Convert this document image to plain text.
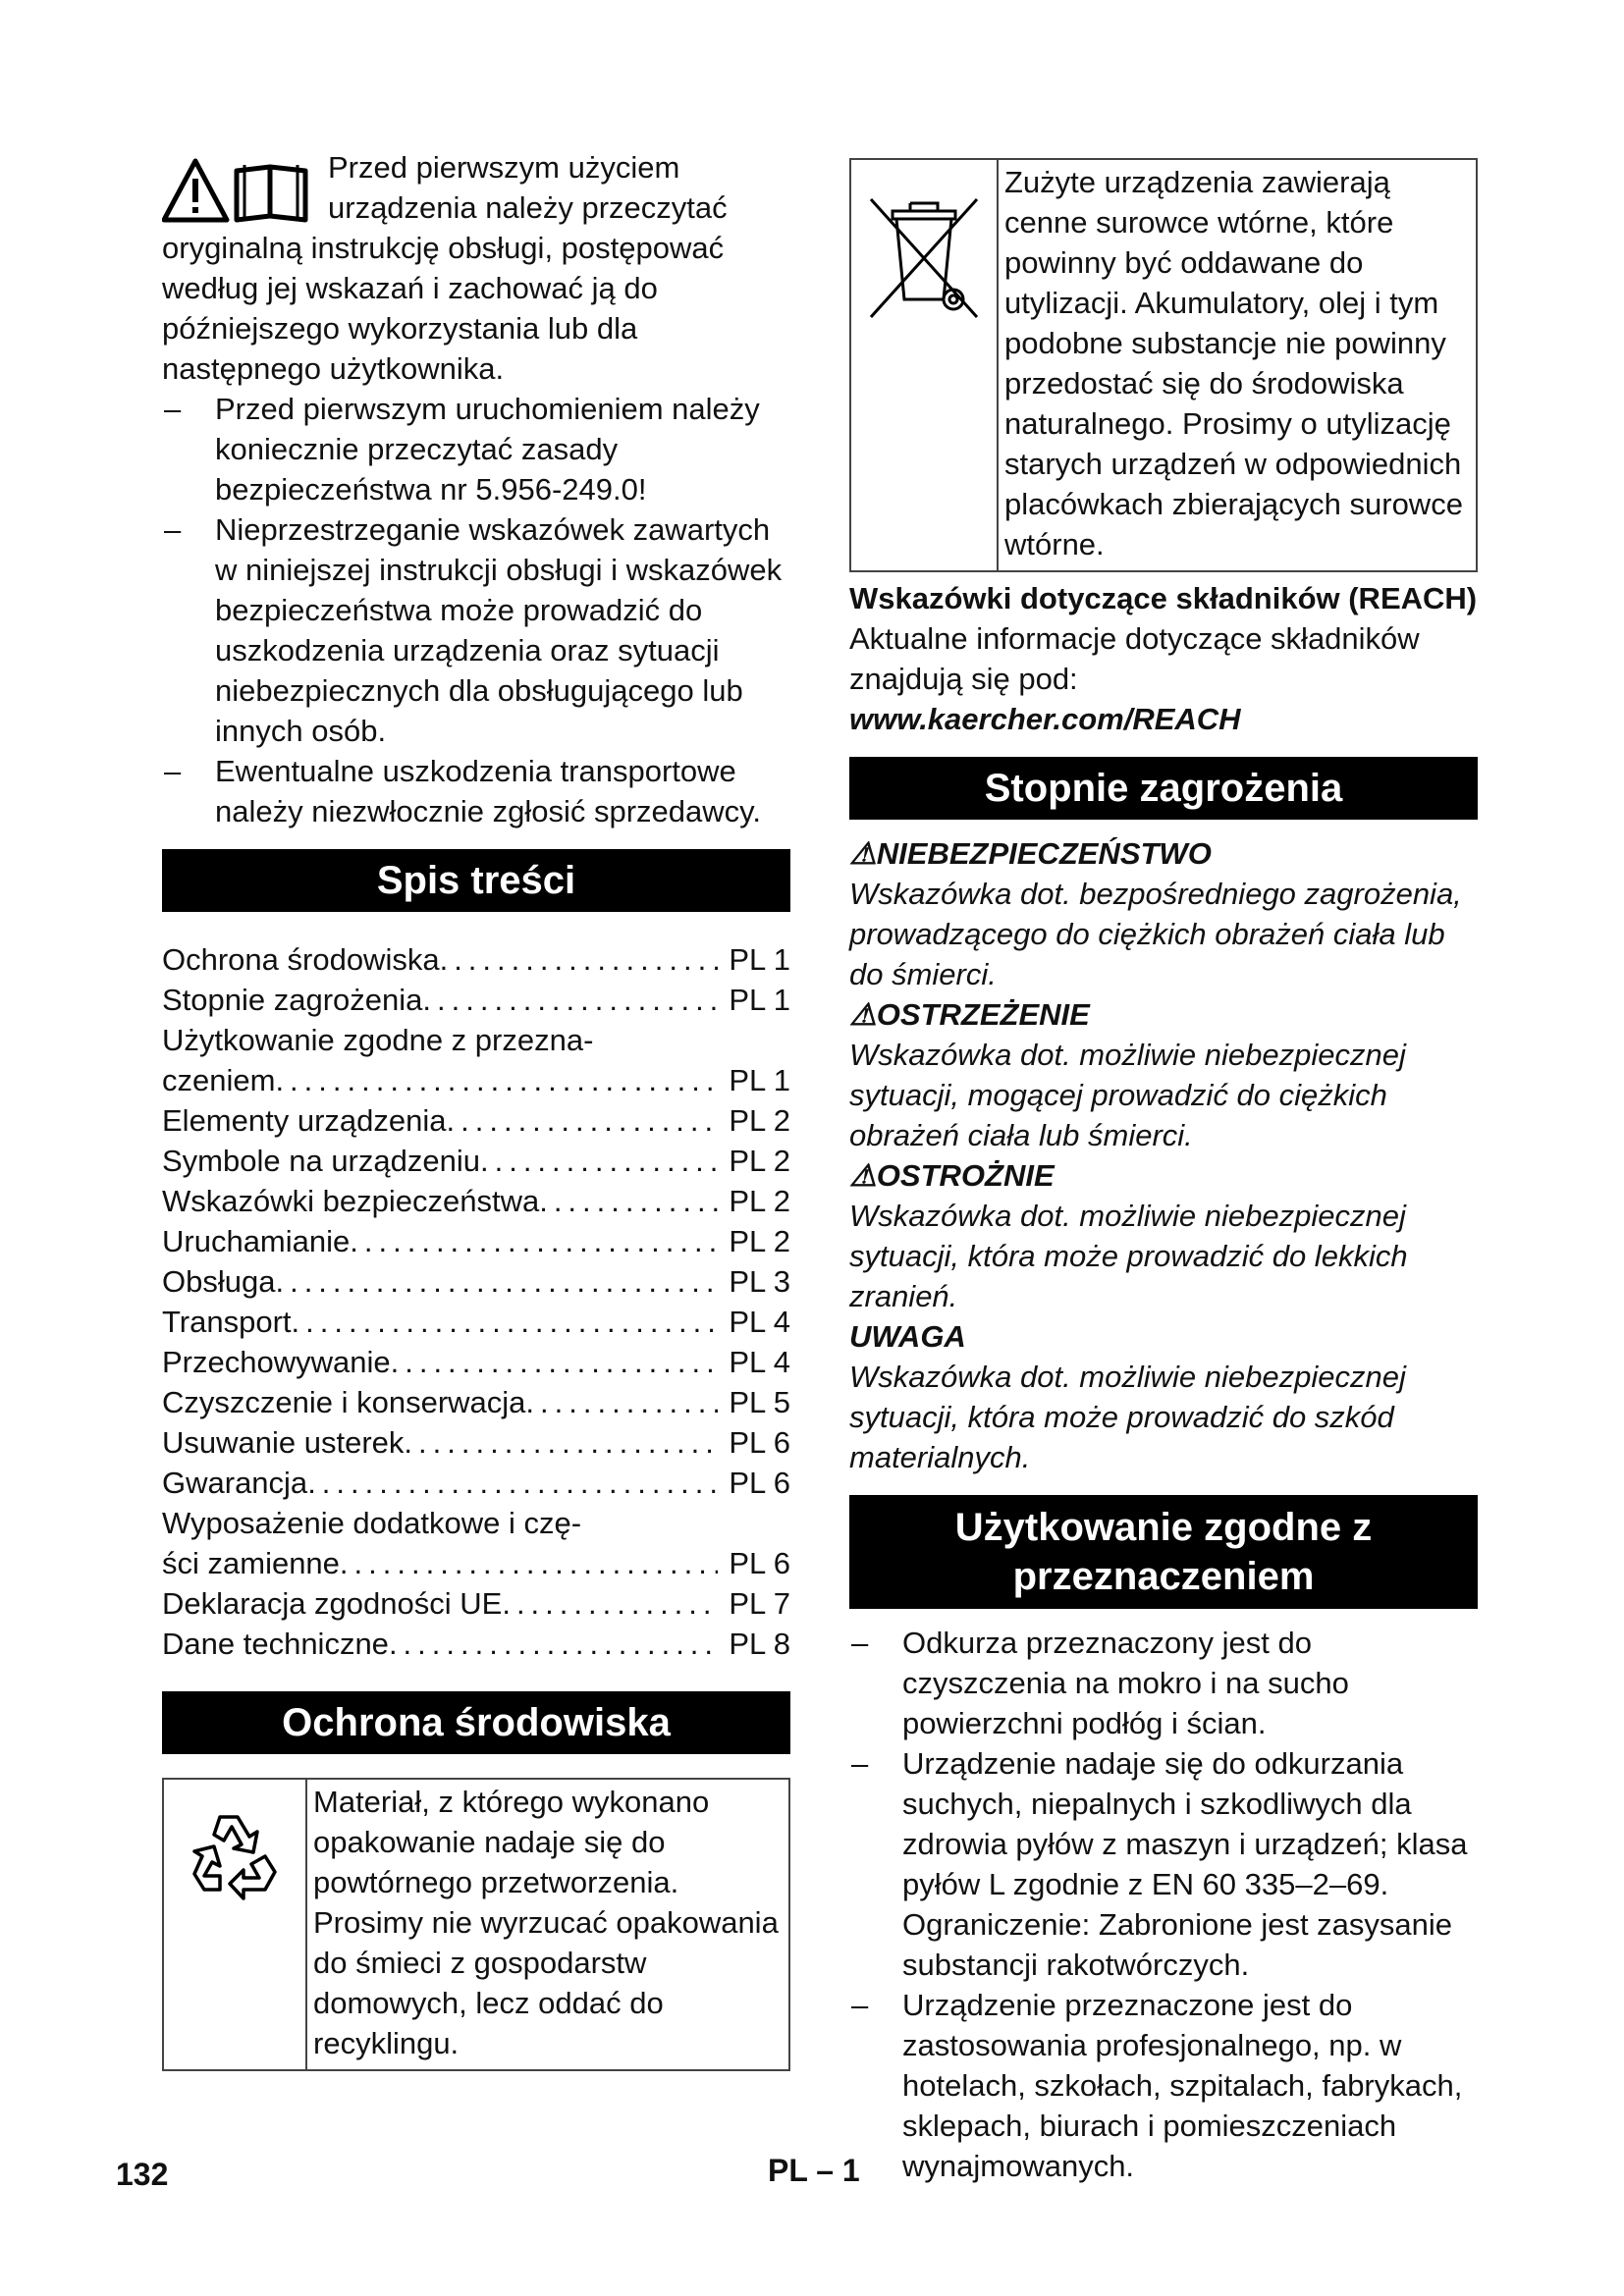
Przed pierwszym użyciem urządzenia należy przeczytać oryginalną instrukcję obsługi, postępować według jej wskazań i zachować ją do późniejszego wykorzystania lub dla następnego użytkownika.

– Przed pierwszym uruchomieniem należy koniecznie przeczytać zasady bezpieczeństwa nr 5.956-249.0!
– Nieprzestrzeganie wskazówek zawartych w niniejszej instrukcji obsługi i wskazówek bezpieczeństwa może prowadzić do uszkodzenia urządzenia oraz sytuacji niebezpiecznych dla obsługującego lub innych osób.
– Ewentualne uszkodzenia transportowe należy niezwłocznie zgłosić sprzedawcy.
Spis treści
Ochrona środowiska .....	PL 1
Stopnie zagrożenia .....	PL 1
Użytkowanie zgodne z przezna-
czeniem .....	PL 1
Elementy urządzenia .....	PL 2
Symbole na urządzeniu .....	PL 2
Wskazówki bezpieczeństwa .....	PL 2
Uruchamianie .....	PL 2
Obsługa .....	PL 3
Transport .....	PL 4
Przechowywanie .....	PL 4
Czyszczenie i konserwacja .....	PL 5
Usuwanie usterek .....	PL 6
Gwarancja .....	PL 6
Wyposażenie dodatkowe i czę-
ści zamienne .....	PL 6
Deklaracja zgodności UE .....	PL 7
Dane techniczne .....	PL 8
Ochrona środowiska
Materiał, z którego wykonano opakowanie nadaje się do powtórnego przetworzenia. Prosimy nie wyrzucać opakowania do śmieci z gospodarstw domowych, lecz oddać do recyklingu.
Zużyte urządzenia zawierają cenne surowce wtórne, które powinny być oddawane do utylizacji. Akumulatory, olej i tym podobne substancje nie powinny przedostać się do środowiska naturalnego. Prosimy o utylizację starych urządzeń w odpowiednich placówkach zbierających surowce wtórne.
Wskazówki dotyczące składników (REACH)

Aktualne informacje dotyczące składników znajdują się pod:

www.kaercher.com/REACH
Stopnie zagrożenia
⚠NIEBEZPIECZEŃSTWO
Wskazówka dot. bezpośredniego zagrożenia, prowadzącego do ciężkich obrażeń ciała lub do śmierci.
⚠OSTRZEŻENIE
Wskazówka dot. możliwie niebezpiecznej sytuacji, mogącej prowadzić do ciężkich obrażeń ciała lub śmierci.
⚠OSTROŻNIE
Wskazówka dot. możliwie niebezpiecznej sytuacji, która może prowadzić do lekkich zranień.
UWAGA
Wskazówka dot. możliwie niebezpiecznej sytuacji, która może prowadzić do szkód materialnych.
Użytkowanie zgodne z przeznaczeniem
– Odkurza przeznaczony jest do czyszczenia na mokro i na sucho powierzchni podłóg i ścian.
– Urządzenie nadaje się do odkurzania suchych, niepalnych i szkodliwych dla zdrowia pyłów z maszyn i urządzeń; klasa pyłów L zgodnie z EN 60 335–2–69. Ograniczenie: Zabronione jest zasysanie substancji rakotwórczych.
– Urządzenie przeznaczone jest do zastosowania profesjonalnego, np. w hotelach, szkołach, szpitalach, fabrykach, sklepach, biurach i pomieszczeniach wynajmowanych.
132	PL – 1
